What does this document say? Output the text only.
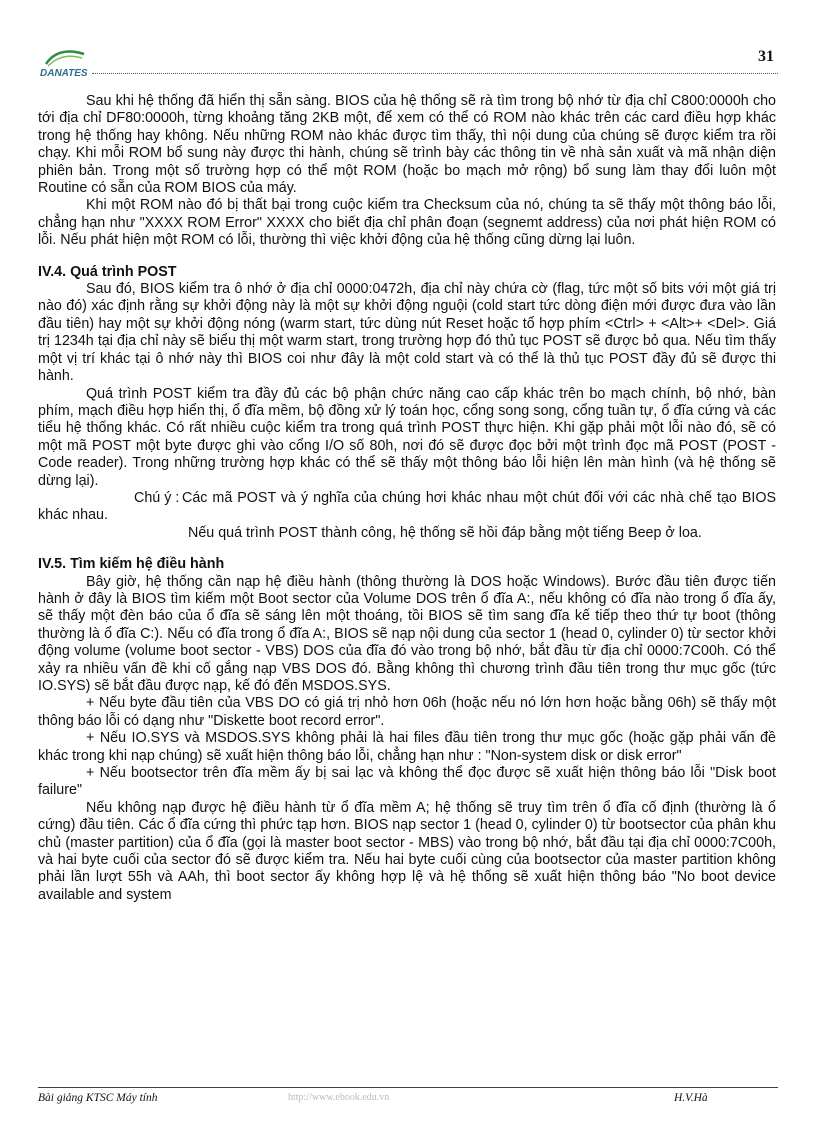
DANATES
31

Sau khi hệ thống đã hiển thị sẵn sàng. BIOS của hệ thống sẽ rà tìm trong bộ nhớ từ địa chỉ C800:0000h cho tới địa chỉ DF80:0000h, từng khoảng tăng 2KB một, để xem có thể có ROM nào khác trên các card điều hợp khác trong hệ thống hay không. Nếu những ROM nào khác được tìm thấy, thì nội dung của chúng sẽ được kiểm tra rồi chạy. Khi mỗi ROM bổ sung này được thi hành, chúng sẽ trình bày các thông tin về nhà sản xuất và mã nhận diện phiên bản. Trong một số trường hợp có thể một ROM (hoặc bo mạch mở rộng) bổ sung làm thay đổi luôn một Routine có sẵn của ROM BIOS của máy.

Khi một ROM nào đó bị thất bại trong cuộc kiểm tra Checksum của nó, chúng ta sẽ thấy một thông báo lỗi, chẳng hạn như "XXXX ROM Error" XXXX cho biết địa chỉ phân đoạn (segnemt address) của nơi phát hiện ROM có lỗi. Nếu phát hiện một ROM có lỗi, thường thì việc khởi động của hệ thống cũng dừng lại luôn.

IV.4. Quá trình POST

Sau đó, BIOS kiểm tra ô nhớ ở địa chỉ 0000:0472h, địa chỉ này chứa cờ (flag, tức một số bits với một giá trị nào đó) xác định rằng sự khởi động này là một sự khởi động nguội (cold start tức dòng điện mới được đưa vào lần đầu tiên) hay một sự khởi động nóng (warm start, tức dùng nút Reset hoặc tổ hợp phím <Ctrl> + <Alt>+ <Del>. Giá trị 1234h tại địa chỉ này sẽ biểu thị một warm start, trong trường hợp đó thủ tục POST sẽ được bỏ qua. Nếu tìm thấy một vị trí khác tại ô nhớ này thì BIOS coi như đây là một cold start và có thể là thủ tục POST đầy đủ sẽ được thi hành.

Quá trình POST kiểm tra đầy đủ các bộ phận chức năng cao cấp khác trên bo mạch chính, bộ nhớ, bàn phím, mạch điều hợp hiển thị, ổ đĩa mềm, bộ đồng xử lý toán học, cổng song song, cổng tuần tự, ổ đĩa cứng và các tiểu hệ thống khác. Có rất nhiều cuộc kiểm tra trong quá trình POST thực hiện. Khi gặp phải một lỗi nào đó, sẽ có một mã POST một byte được ghi vào cổng I/O số 80h, nơi đó sẽ được đọc bởi một trình đọc mã POST (POST - Code reader). Trong những trường hợp khác có thể sẽ thấy một thông báo lỗi hiện lên màn hình (và hệ thống sẽ dừng lại).

Chú ý : Các mã POST và ý nghĩa của chúng hơi khác nhau một chút đối với các nhà chế tạo BIOS khác nhau.

Nếu quá trình POST thành công, hệ thống sẽ hồi đáp bằng một tiếng Beep ở loa.

IV.5. Tìm kiếm hệ điều hành

Bây giờ, hệ thống cần nạp hệ điều hành (thông thường là DOS hoặc Windows). Bước đầu tiên được tiến hành ở đây là BIOS tìm kiếm một Boot sector của Volume DOS trên ổ đĩa A:, nếu không có đĩa nào trong ổ đĩa ấy, sẽ thấy một đèn báo của ổ đĩa sẽ sáng lên một thoáng, tồi BIOS sẽ tìm sang đĩa kế tiếp theo thứ tự boot (thông thường là ổ đĩa C:). Nếu có đĩa trong ổ đĩa A:, BIOS sẽ nạp nội dung của sector 1 (head 0, cylinder 0) từ sector khởi động volume (volume boot sector - VBS) DOS của đĩa đó vào trong bộ nhớ, bắt đầu từ địa chỉ 0000:7C00h. Có thể xảy ra nhiều vấn đề khi cố gắng nạp VBS DOS đó. Bằng không thì chương trình đầu tiên trong thư mục gốc (tức IO.SYS) sẽ bắt đầu được nạp, kế đó đến MSDOS.SYS.

+ Nếu byte đầu tiên của VBS DO có giá trị nhỏ hơn 06h (hoặc nếu nó lớn hơn hoặc bằng 06h) sẽ thấy một thông báo lỗi có dạng như "Diskette boot record error".

+ Nếu IO.SYS và MSDOS.SYS không phải là hai files đầu tiên trong thư mục gốc (hoặc gặp phải vấn đề khác trong khi nạp chúng) sẽ xuất hiện thông báo lỗi, chẳng hạn như : "Non-system disk or disk error"

+ Nếu bootsector trên đĩa mềm ấy bị sai lạc và không thể đọc được sẽ xuất hiện thông báo lỗi "Disk boot failure"

Nếu không nạp được hệ điều hành từ ổ đĩa mềm A; hệ thống sẽ truy tìm trên ổ đĩa cố định (thường là ổ cứng) đầu tiên. Các ổ đĩa cứng thì phức tạp hơn. BIOS nạp sector 1 (head 0, cylinder 0) từ bootsector của phân khu chủ (master partition) của ổ đĩa (gọi là master boot sector - MBS) vào trong bộ nhớ, bắt đầu tại địa chỉ 0000:7C00h, và hai byte cuối của sector đó sẽ được kiểm tra. Nếu hai byte cuối cùng của bootsector của master partition không phải lần lượt 55h và AAh, thì boot sector ấy không hợp lệ và hệ thống sẽ xuất hiện thông báo "No boot device available and system

Bài giảng KTSC Máy tính	http://www.ebook.edu.vn	H.V.Hà
